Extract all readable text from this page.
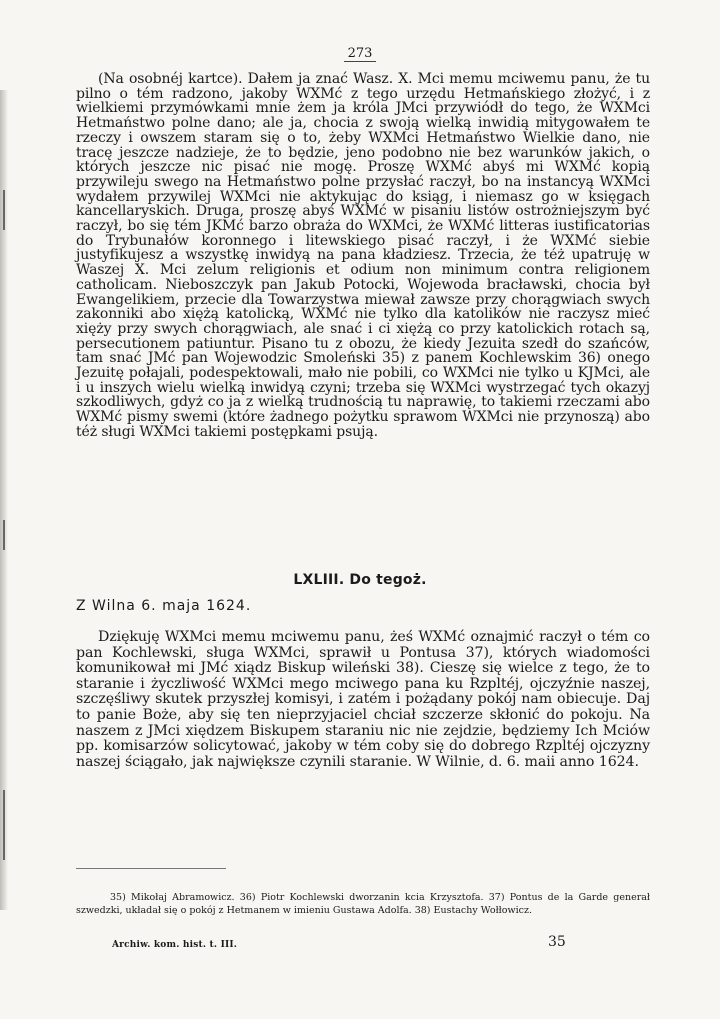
273

(Na osobnéj kartce). Dałem ja znać Wasz. X. Mci memu mciwemu panu, że tu pilno o tém radzono, jakoby WXMć z tego urzędu Hetmańskiego złożyć, i z wielkiemi przymówkami mnie żem ja króla JMci przywiódł do tego, że WXMci Hetmaństwo polne dano; ale ja, chocia z swoją wielką inwidią mitygowałem te rzeczy i owszem staram się o to, żeby WXMci Hetmaństwo Wielkie dano, nie tracę jeszcze nadzieje, że to będzie, jeno podobno nie bez warunków jakich, o których jeszcze nic pisać nie mogę. Proszę WXMć abyś mi WXMć kopią przywileju swego na Hetmaństwo polne przysłać raczył, bo na instancyą WXMci wydałem przywilej WXMci nie aktykując do ksiąg, i niemasz go w księgach kancellaryskich. Druga, proszę abyś WXMć w pisaniu listów ostrożniejszym być raczył, bo się tém JKMć barzo obraża do WXMci, że WXMć litteras iustificatorias do Trybunałów koronnego i litewskiego pisać raczył, i że WXMć siebie justyfikujesz a wszystkę inwidyą na pana kładziesz. Trzecia, że téż upatruję w Waszej X. Mci zelum religionis et odium non minimum contra religionem catholicam. Nieboszczyk pan Jakub Potocki, Wojewoda bracławski, chocia był Ewangelikiem, przecie dla Towarzystwa miewał zawsze przy chorągwiach swych zakonniki abo xiężą katolicką, WXMć nie tylko dla katolików nie raczysz mieć xięży przy swych chorągwiach, ale snać i ci xiężą co przy katolickich rotach są, persecutionem patiuntur. Pisano tu z obozu, że kiedy Jezuita szedł do szańców, tam snać JMć pan Wojewodzic Smoleński 35) z panem Kochlewskim 36) onego Jezuitę połajali, podespektowali, mało nie pobili, co WXMci nie tylko u KJMci, ale i u inszych wielu wielką inwidyą czyni; trzeba się WXMci wystrzegać tych okazyj szkodliwych, gdyż co ja z wielką trudnością tu naprawię, to takiemi rzeczami abo WXMć pismy swemi (które żadnego pożytku sprawom WXMci nie przynoszą) abo téż sługi WXMci takiemi postępkami psują.

LXLIII. Do tegoż.
Z Wilna 6. maja 1624.

Dziękuję WXMci memu mciwemu panu, żeś WXMć oznajmić raczył o tém co pan Kochlewski, sługa WXMci, sprawił u Pontusa 37), których wiadomości komunikował mi JMć xiądz Biskup wileński 38). Cieszę się wielce z tego, że to staranie i życzliwość WXMci mego mciwego pana ku Rzpltéj, ojczyźnie naszej, szczęśliwy skutek przyszłej komisyi, i zatém i pożądany pokój nam obiecuje. Daj to panie Boże, aby się ten nieprzyjaciel chciał szczerze skłonić do pokoju. Na naszem z JMci xiędzem Biskupem staraniu nic nie zejdzie, będziemy Ich Mciów pp. komisarzów solicytować, jakoby w tém coby się do dobrego Rzpltéj ojczyzny naszej ściągało, jak największe czynili staranie. W Wilnie, d. 6. maii anno 1624.

35) Mikołaj Abramowicz. 36) Piotr Kochlewski dworzanin kcia Krzysztofa. 37) Pontus de la Garde generał szwedzki, układał się o pokój z Hetmanem w imieniu Gustawa Adolfa. 38) Eustachy Wołłowicz.

Archiw. kom. hist. t. III.	35
